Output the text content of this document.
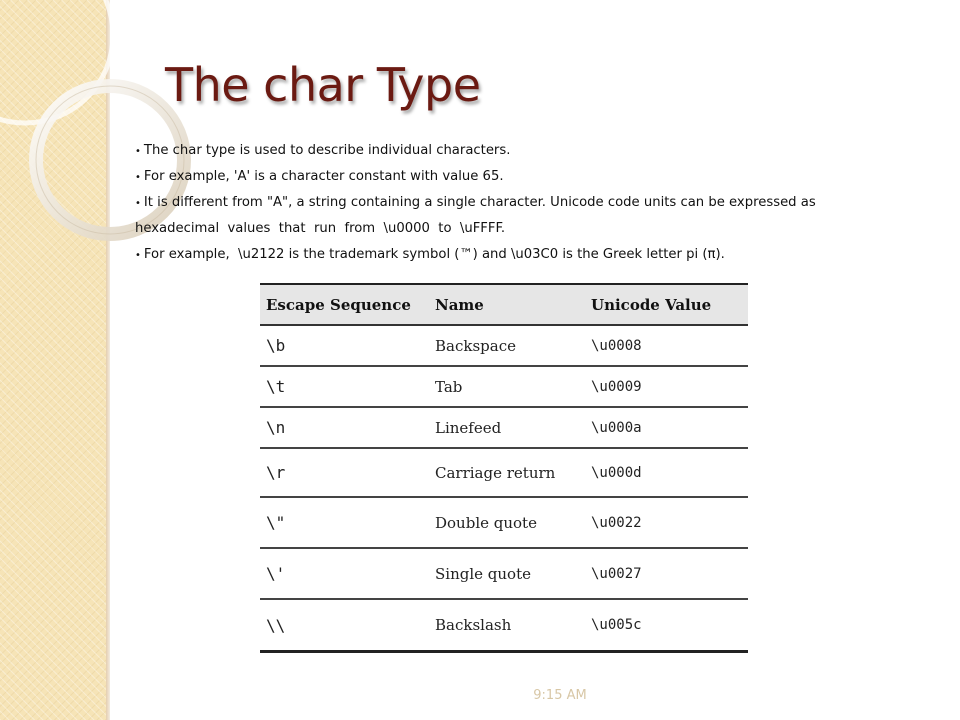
The char Type
• The char type is used to describe individual characters.
• For example, 'A' is a character constant with value 65.
• It is different from "A", a string containing a single character. Unicode code units can be expressed as
hexadecimal  values  that  run  from  \u0000  to  \uFFFF.
• For example,  \u2122 is the trademark symbol (™) and \u03C0 is the Greek letter pi (π).
Escape Sequence	Name	Unicode Value
\b	Backspace	\u0008
\t	Tab	\u0009
\n	Linefeed	\u000a
\r	Carriage return	\u000d
\"	Double quote	\u0022
\'	Single quote	\u0027
\\	Backslash	\u005c
9:15 AM
